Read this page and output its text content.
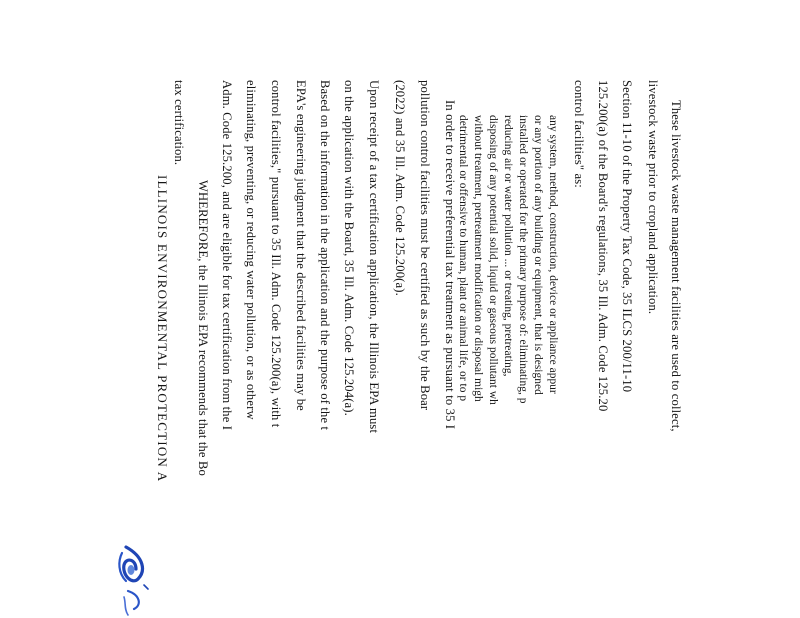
These livestock waste management facilities are used to collect,
livestock waste prior to cropland application.
Section 11-10 of the Property Tax Code, 35 ILCS 200/11-10
125.200(a) of the Board's regulations, 35 Ill. Adm. Code 125.20
control facilities" as:
any system, method, construction, device or appliance appur
or any portion of any building or equipment, that is designed
installed or operated for the primary purpose of: eliminating, p
reducing air or water pollution ... or treating, pretreating,
disposing of any potential solid, liquid or gaseous pollutant wh
without treatment, pretreatment modification or disposal migh
detrimental or offensive to human, plant or animal life, or to p
In order to receive preferential tax treatment as pursuant to 35 I
pollution control facilities must be certified as such by the Boar
(2022) and 35 Ill. Adm. Code 125.200(a).
Upon receipt of a tax certification application, the Illinois EPA must
on the application with the Board, 35 Ill. Adm. Code 125.204(a).
Based on the information in the application and the purpose of the t
EPA's engineering judgment that the described facilities may be
control facilities," pursuant to 35 Ill. Adm. Code 125.200(a), with t
eliminating, preventing, or reducing water pollution, or as otherw
Adm. Code 125.200, and are eligible for tax certification from the I
WHEREFORE, the Illinois EPA recommends that the Bo
tax certification.
ILLINOIS ENVIRONMENTAL PROTECTION A
